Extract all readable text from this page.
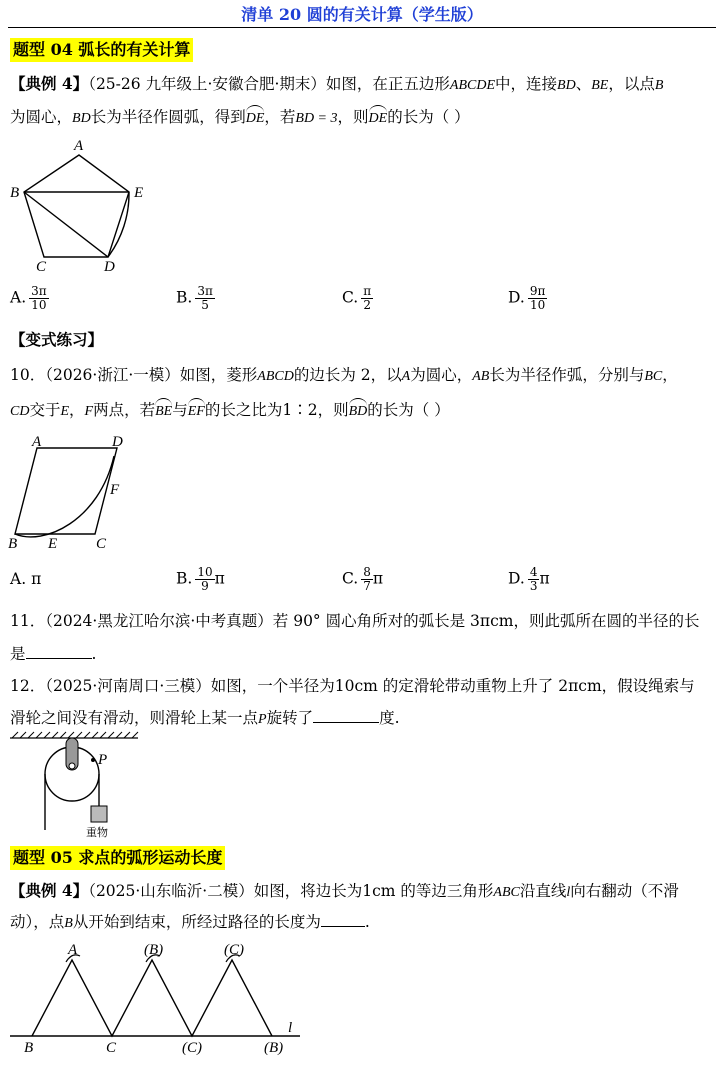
清单 20 圆的有关计算（学生版）
题型 04 弧长的有关计算
【典例 4】（25-26 九年级上·安徽合肥·期末）如图，在正五边形ABCDE中，连接BD、BE，以点B
为圆心，BD长为半径作圆弧，得到DE，若BD = 3，则DE的长为（ ）
A
B	E
C	D
A. $\frac{3\pi}{10}$	B. $\frac{3\pi}{5}$	C. $\frac{\pi}{2}$	D. $\frac{9\pi}{10}$
【变式练习】
10．（2026·浙江·一模）如图，菱形ABCD的边长为 2，以A为圆心，AB长为半径作弧，分别与BC，
CD交于E，F两点，若BE与EF的长之比为1∶2，则BD的长为（ ）
A	D
F
B E	C
A. π	B. $\frac{10}{9}$ π	C. $\frac{8}{7}$ π	D. $\frac{4}{3}$ π
11．（2024·黑龙江哈尔滨·中考真题）若 90° 圆心角所对的弧长是 3πcm，则此弧所在圆的半径的长
是	.
12．（2025·河南周口·三模）如图，一个半径为10cm 的定滑轮带动重物上升了 2πcm，假设绳索与
滑轮之间没有滑动，则滑轮上某一点P旋转了	度.
P
重物
题型 05 求点的弧形运动长度
【典例 4】（2025·山东临沂·二模）如图，将边长为1cm 的等边三角形ABC沿直线l向右翻动（不滑
动），点B从开始到结束，所经过路径的长度为	.
A	(B)	(C)
B	C	(C)	(B)
l
